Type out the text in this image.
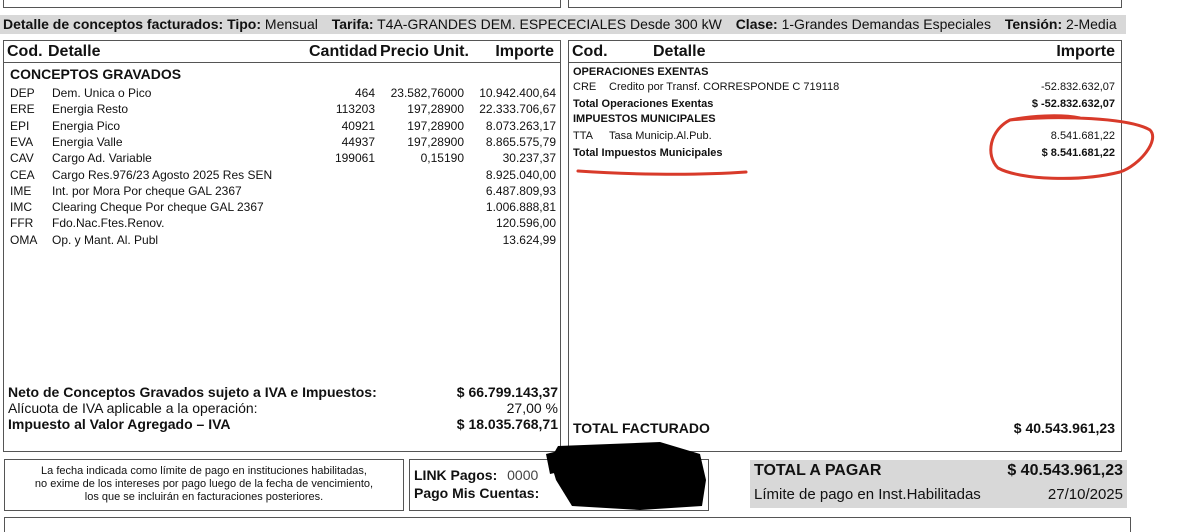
Detalle de conceptos facturados: Tipo: Mensual Tarifa: T4A-GRANDES DEM. ESPECECIALES Desde 300 kW Clase: 1-Grandes Demandas Especiales Tensión: 2-Media
Cod. Detalle	Cantidad Precio Unit. Importe
CONCEPTOS GRAVADOS
DEP Dem. Unica o Pico	464 23.582,76000 10.942.400,64
ERE Energia Resto	113203	197,28900 22.333.706,67
EPI Energia Pico	40921	197,28900 8.073.263,17
EVA Energia Valle	44937	197,28900 8.865.575,79
CAV Cargo Ad. Variable	199061	0,15190	30.237,37
CEA Cargo Res.976/23 Agosto 2025 Res SEN	8.925.040,00
IME Int. por Mora Por cheque GAL 2367	6.487.809,93
IMC Clearing Cheque Por cheque GAL 2367	1.006.888,81
FFR Fdo.Nac.Ftes.Renov.	120.596,00
OMA Op. y Mant. Al. Publ	13.624,99
Neto de Conceptos Gravados sujeto a IVA e Impuestos:	$ 66.799.143,37
Alícuota de IVA aplicable a la operación:	27,00 %
Impuesto al Valor Agregado – IVA	$ 18.035.768,71
Cod.	Detalle	Importe
OPERACIONES EXENTAS
CRE Credito por Transf. CORRESPONDE C 719118	-52.832.632,07
Total Operaciones Exentas	$ -52.832.632,07
IMPUESTOS MUNICIPALES
TTA Tasa Municip.Al.Pub.	8.541.681,22
Total Impuestos Municipales	$ 8.541.681,22
TOTAL FACTURADO	$ 40.543.961,23
La fecha indicada como límite de pago en instituciones habilitadas,
no exime de los intereses por pago luego de la fecha de vencimiento,
los que se incluirán en facturaciones posteriores.
LINK Pagos: 0000
Pago Mis Cuentas:
TOTAL A PAGAR	$ 40.543.961,23
Límite de pago en Inst.Habilitadas	27/10/2025
